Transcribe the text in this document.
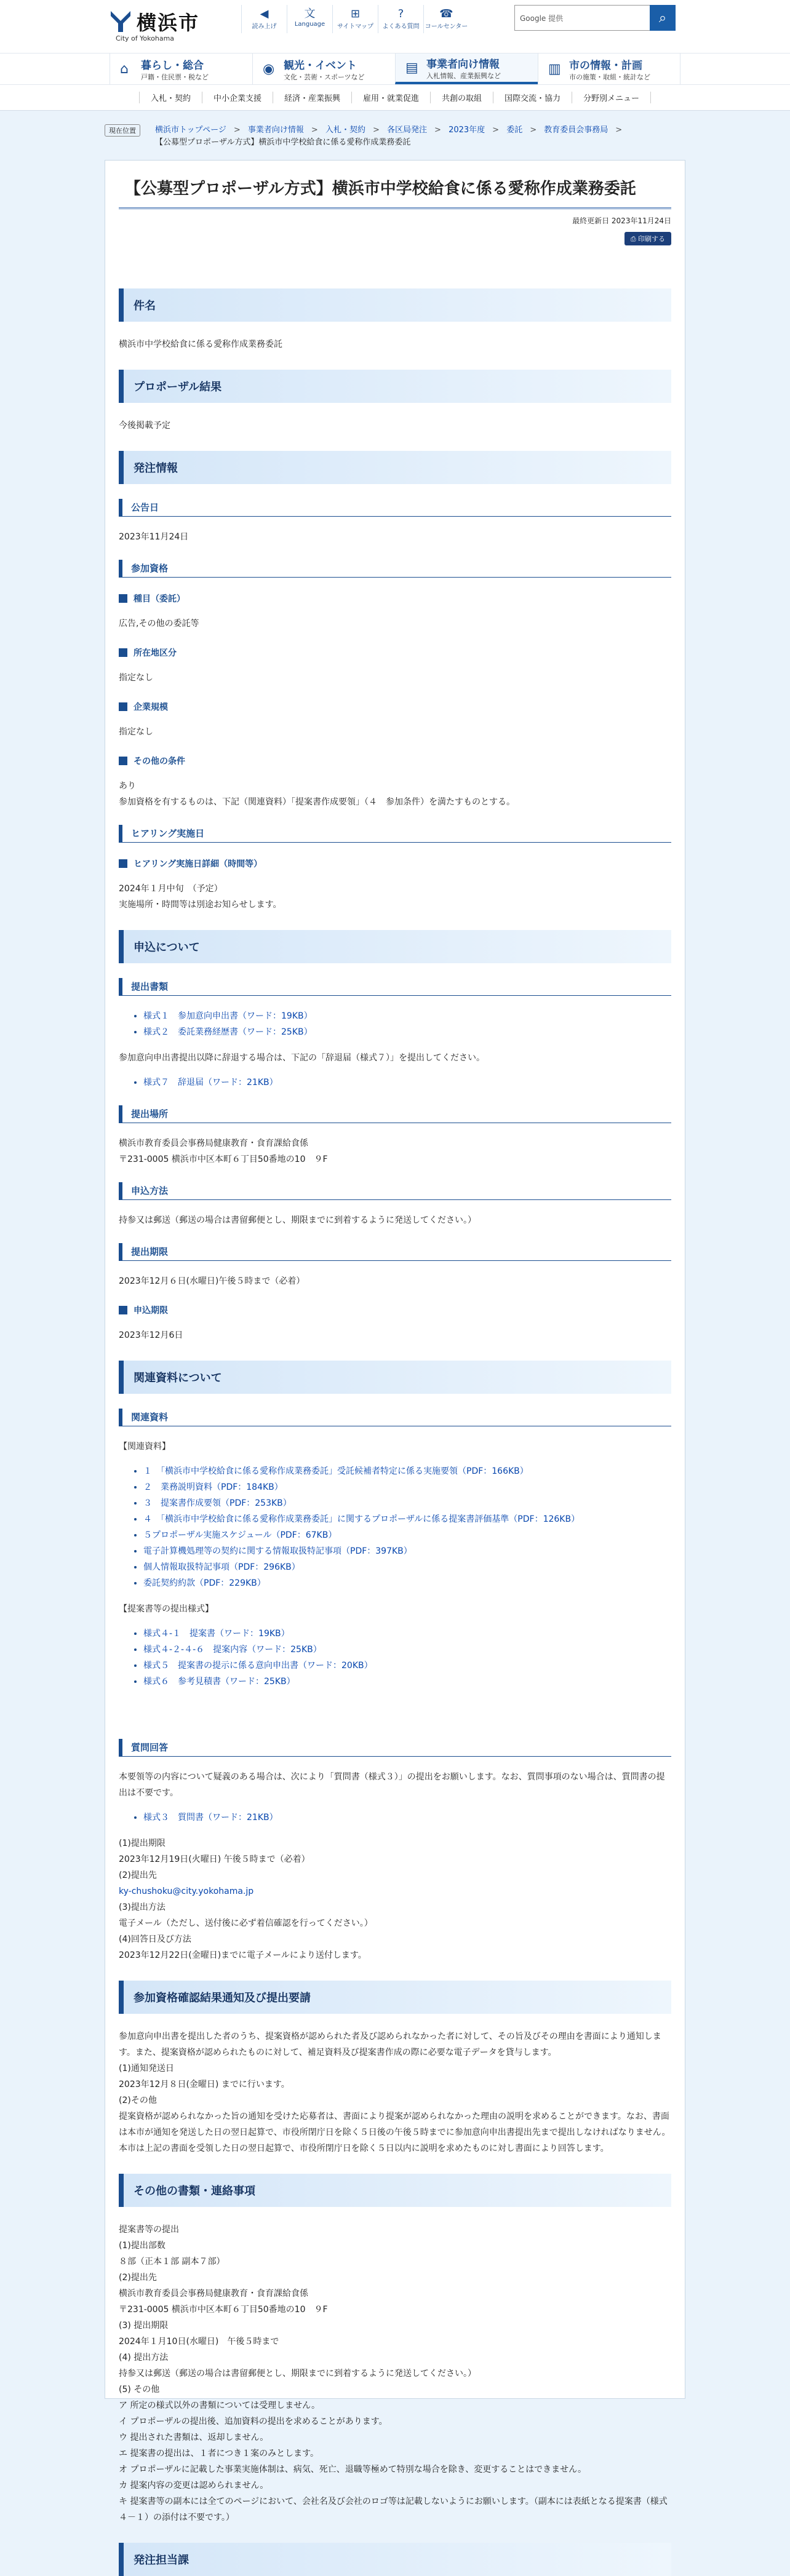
横浜市
City of Yokohama
◀
読み上げ
文
Language
⊞
サイトマップ
?
よくある質問
☎
コールセンター
Google 提供	⌕
⌂	暮らし・総合
戸籍・住民票・税など
◉ 観光・イベント
文化・芸術・スポーツなど
▤ 事業者向け情報
入札情報、産業振興など	▥ 市の情報・計画
市の施策・取組・統計など
入札・契約	中小企業支援	経済・産業振興	雇用・就業促進	共創の取組	国際交流・協力	分野別メニュー
現在位置	横浜市トップページ > 事業者向け情報 > 入札・契約 > 各区局発注 > 2023年度 > 委託 > 教育委員会事務局 >
【公募型プロポーザル方式】横浜市中学校給食に係る愛称作成業務委託
【公募型プロポーザル方式】横浜市中学校給食に係る愛称作成業務委託
最終更新日 2023年11月24日
⎙ 印刷する
件名

横浜市中学校給食に係る愛称作成業務委託

プロポーザル結果

今後掲載予定

発注情報
公告日

2023年11月24日

参加資格
種目（委託）

広告,その他の委託等

所在地区分

指定なし

企業規模

指定なし

その他の条件

あり

参加資格を有するものは、下記（関連資料）「提案書作成要領」（４　参加条件）を満たすものとする。

ヒアリング実施日
ヒアリング実施日詳細（時間等）

2024年１月中旬　（予定）

実施場所・時間等は別途お知らせします。

申込について
提出書類
• 様式１　参加意向申出書（ワード：19KB）
• 様式２　委託業務経歴書（ワード：25KB）

参加意向申出書提出以降に辞退する場合は、下記の「辞退届（様式７）」を提出してください。

• 様式７　辞退届（ワード：21KB）
提出場所

横浜市教育委員会事務局健康教育・食育課給食係

〒231-0005 横浜市中区本町６丁目50番地の10　９F

申込方法

持参又は郵送（郵送の場合は書留郵便とし、期限までに到着するように発送してください。）

提出期限

2023年12月６日(水曜日)午後５時まで（必着）

申込期限

2023年12月6日

関連資料について
関連資料

【関連資料】

• １　「横浜市中学校給食に係る愛称作成業務委託」受託候補者特定に係る実施要領（PDF：166KB）
• ２　業務説明資料（PDF：184KB）
• ３　提案書作成要領（PDF：253KB）
• ４　「横浜市中学校給食に係る愛称作成業務委託」に関するプロポーザルに係る提案書評価基準（PDF：126KB）
• ５プロポーザル実施スケジュール（PDF：67KB）
• 電子計算機処理等の契約に関する情報取扱特記事項（PDF：397KB）
• 個人情報取扱特記事項（PDF：296KB）
• 委託契約約款（PDF：229KB）

【提案書等の提出様式】

• 様式４-１　提案書（ワード：19KB）
• 様式４-２-４-６　提案内容（ワード：25KB）
• 様式５　提案書の提示に係る意向申出書（ワード：20KB）
• 様式６　参考見積書（ワード：25KB）
質問回答

本要領等の内容について疑義のある場合は、次により「質問書（様式３）」の提出をお願いします。なお、質問事項のない場合は、質問書の提出は不要です。

• 様式３　質問書（ワード：21KB）

(1)提出期限

2023年12月19日(火曜日) 午後５時まで（必着）

(2)提出先

ky-chushoku@city.yokohama.jp

(3)提出方法

電子メール（ただし、送付後に必ず着信確認を行ってください。）

(4)回答日及び方法

2023年12月22日(金曜日)までに電子メールにより送付します。

参加資格確認結果通知及び提出要請

参加意向申出書を提出した者のうち、提案資格が認められた者及び認められなかった者に対して、その旨及びその理由を書面により通知します。また、提案資格が認められたものに対して、補足資料及び提案書作成の際に必要な電子データを貸与します。

(1)通知発送日

2023年12月８日(金曜日) までに行います。

(2)その他

提案資格が認められなかった旨の通知を受けた応募者は、書面により提案が認められなかった理由の説明を求めることができます。なお、書面は本市が通知を発送した日の翌日起算で、市役所閉庁日を除く５日後の午後５時までに参加意向申出書提出先まで提出しなければなりません。本市は上記の書面を受領した日の翌日起算で、市役所閉庁日を除く５日以内に説明を求めたものに対し書面により回答します。

その他の書類・連絡事項

提案書等の提出

(1)提出部数

８部（正本１部 副本７部）

(2)提出先

横浜市教育委員会事務局健康教育・食育課給食係

〒231-0005 横浜市中区本町６丁目50番地の10　９F

(3) 提出期限

2024年１月10日(水曜日)　午後５時まで

(4) 提出方法

持参又は郵送（郵送の場合は書留郵便とし、期限までに到着するように発送してください。）

(5) その他

ア 所定の様式以外の書類については受理しません。

イ プロポーザルの提出後、追加資料の提出を求めることがあります。

ウ 提出された書類は、返却しません。

エ 提案書の提出は、１者につき１案のみとします。

オ プロポーザルに記載した事業実施体制は、病気、死亡、退職等極めて特別な場合を除き、変更することはできません。

カ 提案内容の変更は認められません。

キ 提案書等の副本には全てのページにおいて、会社名及び会社のロゴ等は記載しないようにお願いします。（副本には表紙となる提案書（様式４－１）の添付は不要です。）

発注担当課
